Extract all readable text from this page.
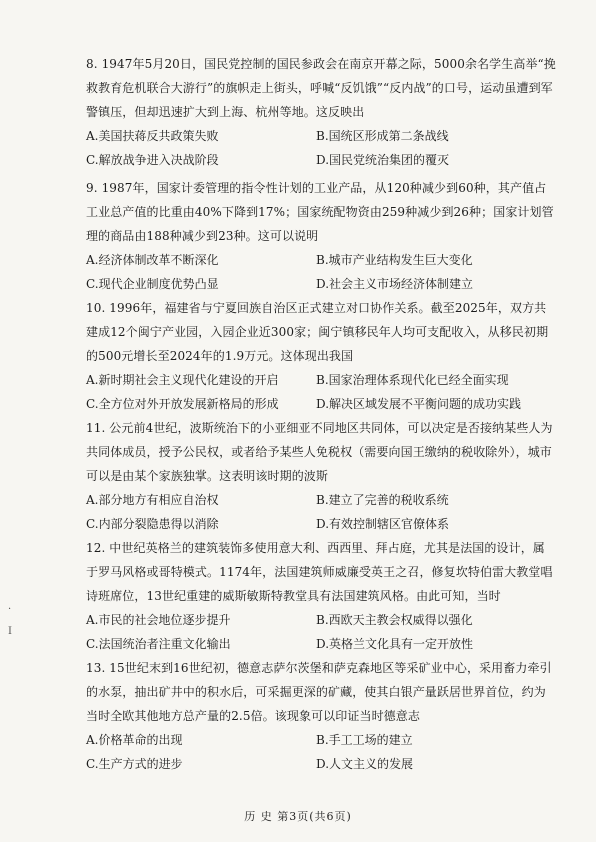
8. 1947年5月20日，国民党控制的国民参政会在南京开幕之际，5000余名学生高举“挽救教育危机联合大游行”的旗帜走上街头，呼喊“反饥饿”“反内战”的口号，运动虽遭到军警镇压，但却迅速扩大到上海、杭州等地。这反映出

A.美国扶蒋反共政策失败	B.国统区形成第二条战线
C.解放战争进入决战阶段	D.国民党统治集团的覆灭

9. 1987年，国家计委管理的指令性计划的工业产品，从120种减少到60种，其产值占工业总产值的比重由40%下降到17%；国家统配物资由259种减少到26种；国家计划管理的商品由188种减少到23种。这可以说明

A.经济体制改革不断深化	B.城市产业结构发生巨大变化
C.现代企业制度优势凸显	D.社会主义市场经济体制建立

10. 1996年，福建省与宁夏回族自治区正式建立对口协作关系。截至2025年，双方共建成12个闽宁产业园，入园企业近300家；闽宁镇移民年人均可支配收入，从移民初期的500元增长至2024年的1.9万元。这体现出我国

A.新时期社会主义现代化建设的开启	B.国家治理体系现代化已经全面实现
C.全方位对外开放发展新格局的形成	D.解决区域发展不平衡问题的成功实践

11. 公元前4世纪，波斯统治下的小亚细亚不同地区共同体，可以决定是否接纳某些人为共同体成员，授予公民权，或者给予某些人免税权（需要向国王缴纳的税收除外），城市可以是由某个家族独掌。这表明该时期的波斯

A.部分地方有相应自治权	B.建立了完善的税收系统
C.内部分裂隐患得以消除	D.有效控制辖区官僚体系

12. 中世纪英格兰的建筑装饰多使用意大利、西西里、拜占庭，尤其是法国的设计，属于罗马风格或哥特模式。1174年，法国建筑师威廉受英王之召，修复坎特伯雷大教堂唱诗班席位，13世纪重建的威斯敏斯特教堂具有法国建筑风格。由此可知，当时

A.市民的社会地位逐步提升	B.西欧天主教会权威得以强化
C.法国统治者注重文化输出	D.英格兰文化具有一定开放性

13. 15世纪末到16世纪初，德意志萨尔茨堡和萨克森地区等采矿业中心，采用畜力牵引的水泵，抽出矿井中的积水后，可采掘更深的矿藏，使其白银产量跃居世界首位，约为当时全欧其他地方总产量的2.5倍。该现象可以印证当时德意志

A.价格革命的出现	B.手工工场的建立
C.生产方式的进步	D.人文主义的发展
·
I
历 史 第3页(共6页)
